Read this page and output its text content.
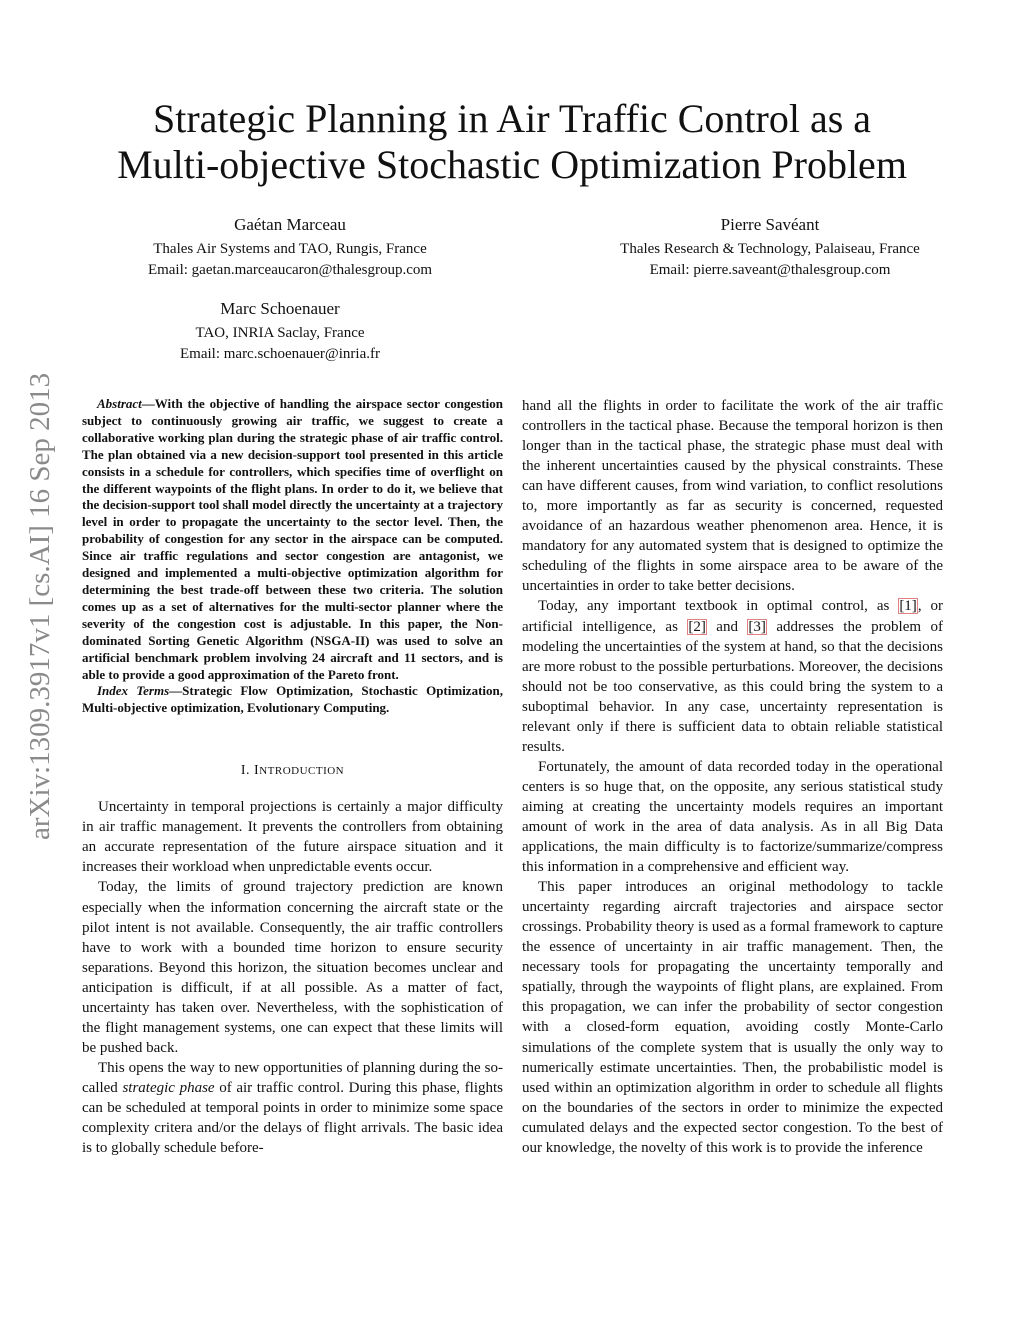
Strategic Planning in Air Traffic Control as a
Multi-objective Stochastic Optimization Problem
Gaétan Marceau
Thales Air Systems and TAO, Rungis, France
Email: gaetan.marceaucaron@thalesgroup.com
Pierre Savéant
Thales Research & Technology, Palaiseau, France
Email: pierre.saveant@thalesgroup.com
Marc Schoenauer
TAO, INRIA Saclay, France
Email: marc.schoenauer@inria.fr
arXiv:1309.3917v1 [cs.AI] 16 Sep 2013	Abstract—With the objective of handling the airspace sector congestion subject to continuously growing air traffic, we suggest to create a collaborative working plan during the strategic phase of air traffic control. The plan obtained via a new decision-support tool presented in this article consists in a schedule for controllers, which specifies time of overflight on the different waypoints of the flight plans. In order to do it, we believe that the decision-support tool shall model directly the uncertainty at a trajectory level in order to propagate the uncertainty to the sector level. Then, the probability of congestion for any sector in the airspace can be computed. Since air traffic regulations and sector congestion are antagonist, we designed and implemented a multi-objective optimization algorithm for determining the best trade-off between these two criteria. The solution comes up as a set of alternatives for the multi-sector planner where the severity of the congestion cost is adjustable. In this paper, the Non-dominated Sorting Genetic Algorithm (NSGA-II) was used to solve an artificial benchmark problem involving 24 aircraft and 11 sectors, and is able to provide a good approximation of the Pareto front.

Index Terms—Strategic Flow Optimization, Stochastic Optimization, Multi-objective optimization, Evolutionary Computing.

I. INTRODUCTION

Uncertainty in temporal projections is certainly a major difficulty in air traffic management. It prevents the controllers from obtaining an accurate representation of the future airspace situation and it increases their workload when unpredictable events occur.

Today, the limits of ground trajectory prediction are known especially when the information concerning the aircraft state or the pilot intent is not available. Consequently, the air traffic controllers have to work with a bounded time horizon to ensure security separations. Beyond this horizon, the situation becomes unclear and anticipation is difficult, if at all possible. As a matter of fact, uncertainty has taken over. Nevertheless, with the sophistication of the flight management systems, one can expect that these limits will be pushed back.

This opens the way to new opportunities of planning during the so-called strategic phase of air traffic control. During this phase, flights can be scheduled at temporal points in order to minimize some space complexity critera and/or the delays of flight arrivals. The basic idea is to globally schedule before-

hand all the flights in order to facilitate the work of the air traffic controllers in the tactical phase. Because the temporal horizon is then longer than in the tactical phase, the strategic phase must deal with the inherent uncertainties caused by the physical constraints. These can have different causes, from wind variation, to conflict resolutions to, more importantly as far as security is concerned, requested avoidance of an hazardous weather phenomenon area. Hence, it is mandatory for any automated system that is designed to optimize the scheduling of the flights in some airspace area to be aware of the uncertainties in order to take better decisions.

Today, any important textbook in optimal control, as [1], or artificial intelligence, as [2] and [3] addresses the problem of modeling the uncertainties of the system at hand, so that the decisions are more robust to the possible perturbations. Moreover, the decisions should not be too conservative, as this could bring the system to a suboptimal behavior. In any case, uncertainty representation is relevant only if there is sufficient data to obtain reliable statistical results.

Fortunately, the amount of data recorded today in the operational centers is so huge that, on the opposite, any serious statistical study aiming at creating the uncertainty models requires an important amount of work in the area of data analysis. As in all Big Data applications, the main difficulty is to factorize/summarize/compress this information in a comprehensive and efficient way.

This paper introduces an original methodology to tackle uncertainty regarding aircraft trajectories and airspace sector crossings. Probability theory is used as a formal framework to capture the essence of uncertainty in air traffic management. Then, the necessary tools for propagating the uncertainty temporally and spatially, through the waypoints of flight plans, are explained. From this propagation, we can infer the probability of sector congestion with a closed-form equation, avoiding costly Monte-Carlo simulations of the complete system that is usually the only way to numerically estimate uncertainties. Then, the probabilistic model is used within an optimization algorithm in order to schedule all flights on the boundaries of the sectors in order to minimize the expected cumulated delays and the expected sector congestion. To the best of our knowledge, the novelty of this work is to provide the inference
